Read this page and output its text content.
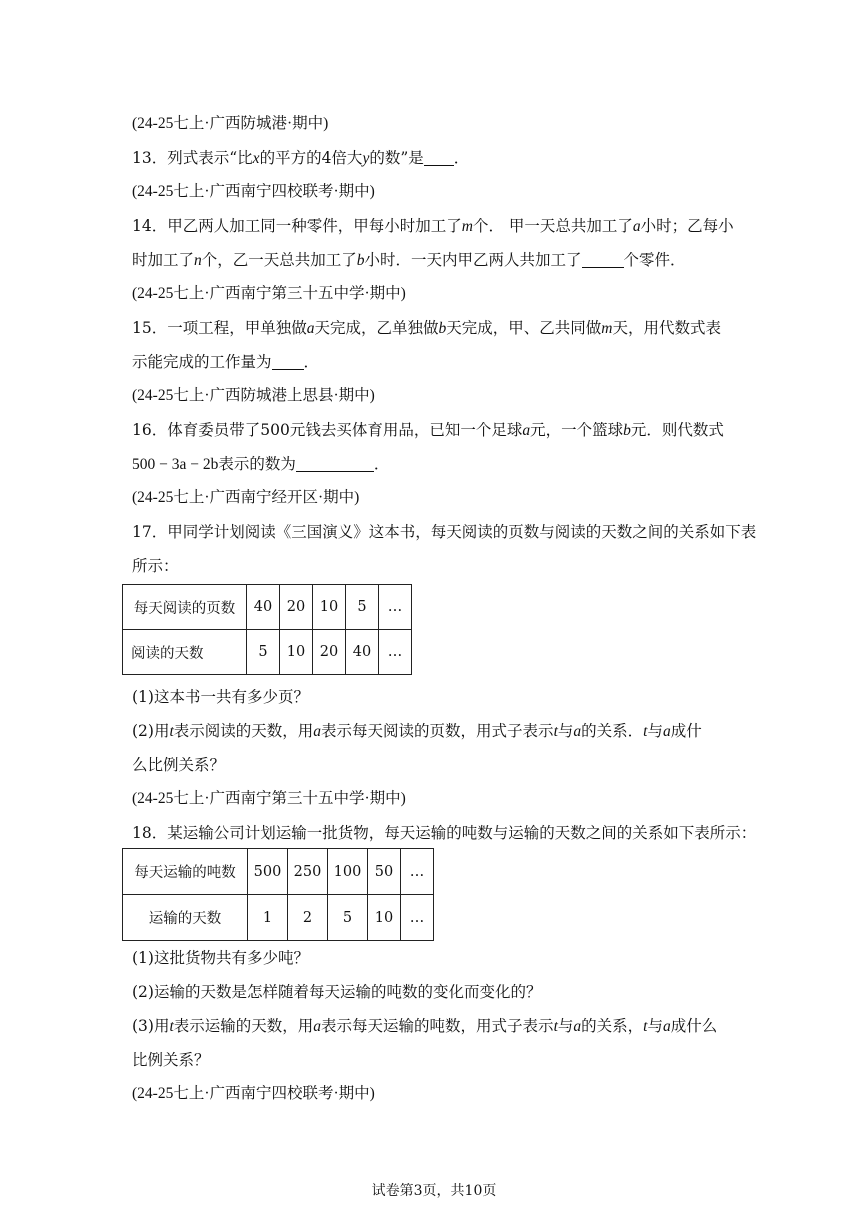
(24-25七上·广西防城港·期中)
13．列式表示“比x的平方的4倍大y的数”是 ．
(24-25七上·广西南宁四校联考·期中)
14．甲乙两人加工同一种零件，甲每小时加工了m个． 甲一天总共加工了a小时；乙每小
时加工了n个，乙一天总共加工了b小时．一天内甲乙两人共加工了	个零件．
(24-25七上·广西南宁第三十五中学·期中)
15．一项工程，甲单独做a天完成，乙单独做b天完成，甲、乙共同做m天，用代数式表
示能完成的工作量为 ．
(24-25七上·广西防城港上思县·期中)
16．体育委员带了500元钱去买体育用品，已知一个足球a元，一个篮球b元．则代数式
500 − 3a − 2b表示的数为	．
(24-25七上·广西南宁经开区·期中)
17．甲同学计划阅读《三国演义》这本书，每天阅读的页数与阅读的天数之间的关系如下表
所示：
每天阅读的页数	40	20	10	5	…
阅读的天数	5	10	20	40	…
(1)这本书一共有多少页？
(2)用t表示阅读的天数，用a表示每天阅读的页数，用式子表示t与a的关系．t与a成什
么比例关系？
(24-25七上·广西南宁第三十五中学·期中)
18．某运输公司计划运输一批货物，每天运输的吨数与运输的天数之间的关系如下表所示：
每天运输的吨数	500	250	100	50	…
运输的天数	1	2	5	10	…
(1)这批货物共有多少吨？
(2)运输的天数是怎样随着每天运输的吨数的变化而变化的？
(3)用t表示运输的天数，用a表示每天运输的吨数，用式子表示t与a的关系，t与a成什么
比例关系？
(24-25七上·广西南宁四校联考·期中)
试卷第3页，共10页
